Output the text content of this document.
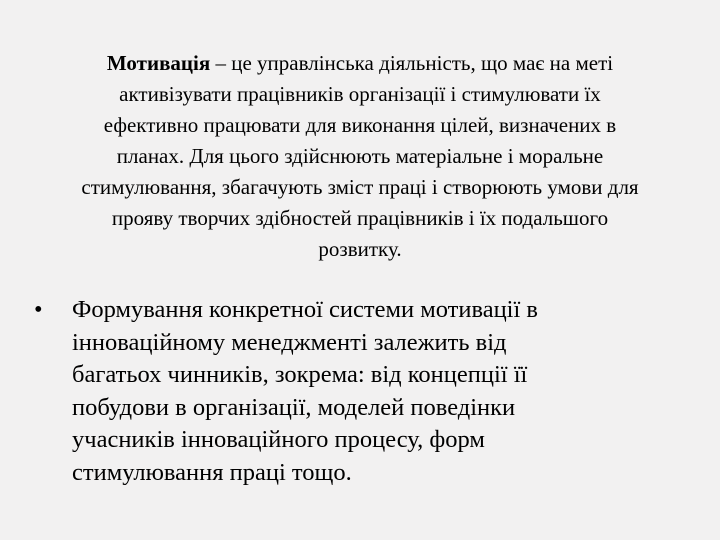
Мотивація – це управлінська діяльність, що має на меті
активізувати працівників організації і стимулювати їх
ефективно працювати для виконання цілей, визначених в
планах. Для цього здійснюють матеріальне і моральне
стимулювання, збагачують зміст праці і створюють умови для
прояву творчих здібностей працівників і їх подальшого
розвитку.
• Формування конкретної системи мотивації в
інноваційному менеджменті залежить від
багатьох чинників, зокрема: від концепції її
побудови в організації, моделей поведінки
учасників інноваційного процесу, форм
стимулювання праці тощо.
